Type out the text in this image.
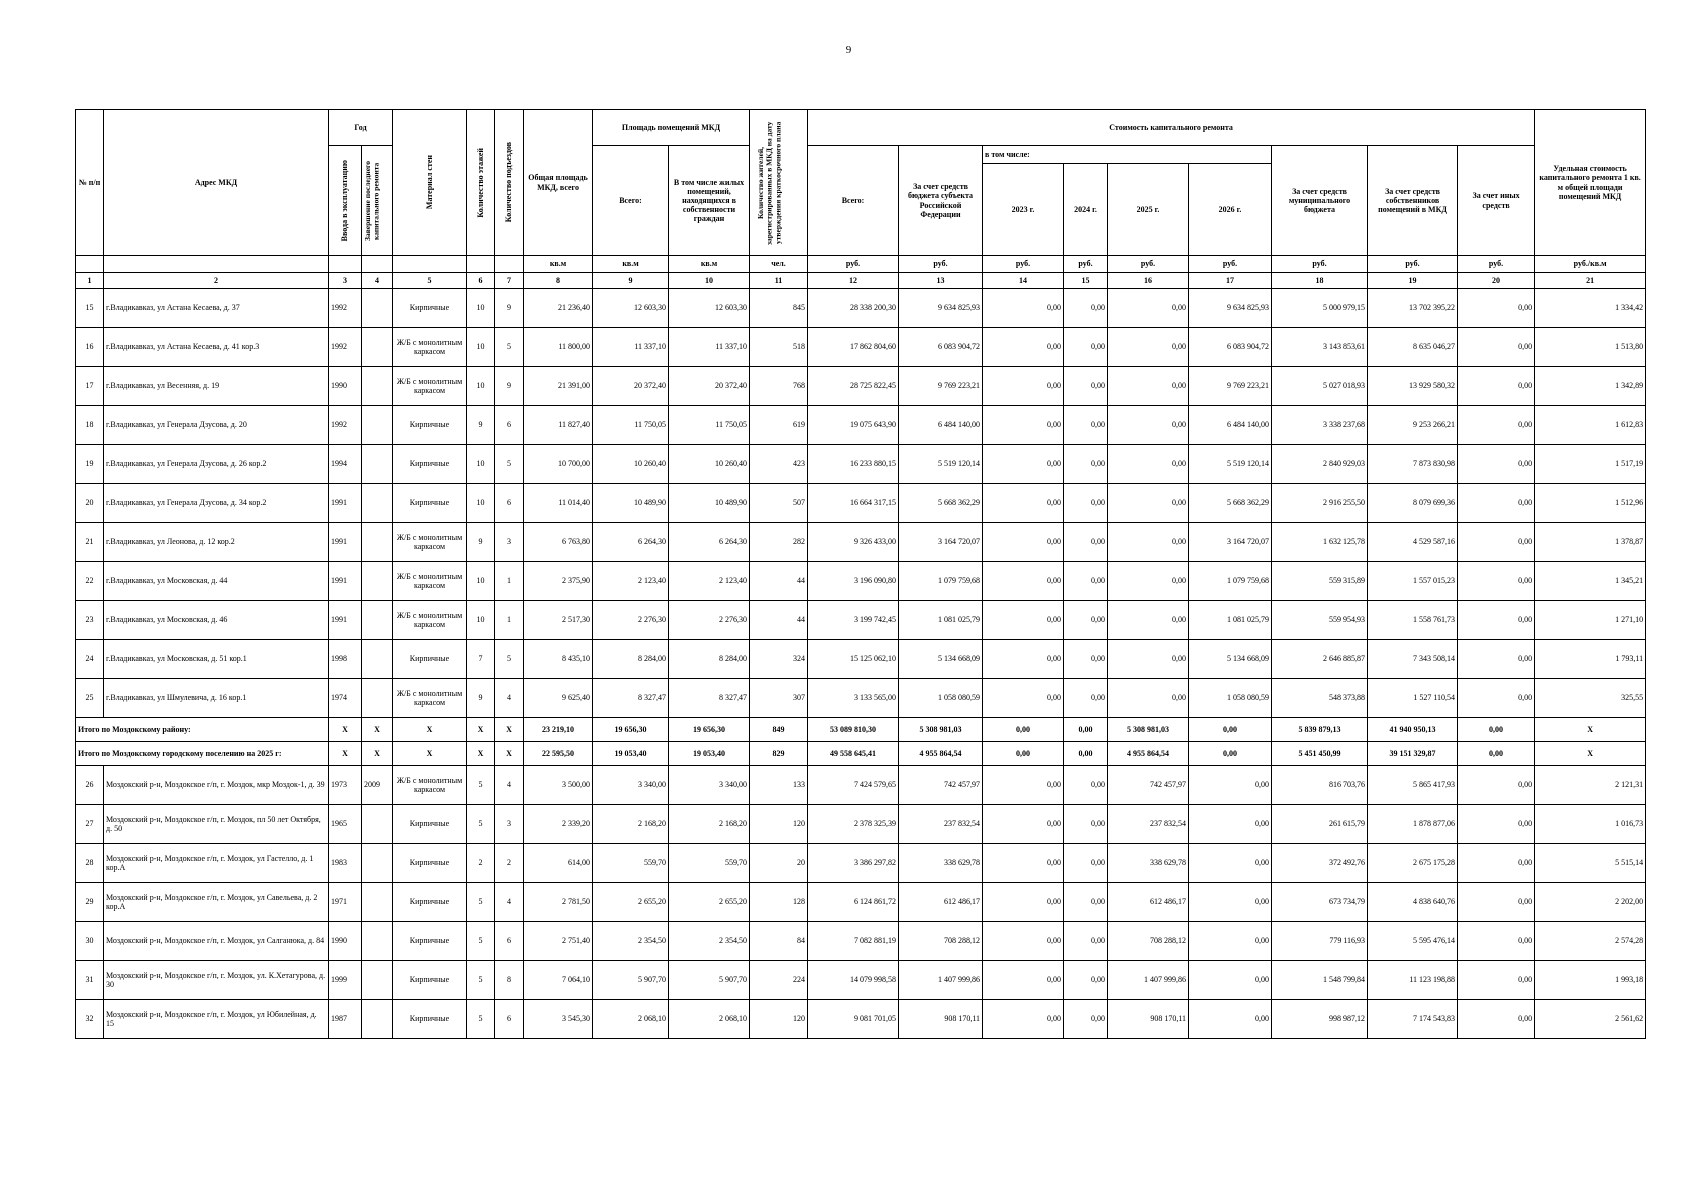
9
№ п/п	Адрес МКД	Год		Материал стен	Количество этажей	Количество подъездов	Общая площадь МКД, всего	Площадь помещений МКД		Количество жителей, зарегистрированных в МКД на дату утверждения краткосрочного плана	Стоимость капитального ремонта									Удельная стоимость капитального ремонта 1 кв. м общей площади помещений МКД

		Ввода в эксплуатацию	Завершение последнего капитального ремонта					Всего:	В том числе жилых помещений, находящихся в собственности граждан		Всего:	За счет средств бюджета субъекта Российской Федерации	в том числе:				За счет средств муниципального бюджета	За счет средств собственников помещений в МКД	За счет иных средств	
													2023 г.	2024 г.	2025 г.	2026 г.				
							кв.м	кв.м	кв.м	чел.	руб.	руб.	руб.	руб.	руб.	руб.	руб.	руб.	руб.	руб./кв.м
1	2	3	4	5	6	7	8	9	10	11	12	13	14	15	16	17	18	19	20	21
15	г.Владикавказ, ул Астана Кесаева, д. 37	1992		Кирпичные	10	9	21 236,40	12 603,30	12 603,30	845	28 338 200,30	9 634 825,93	0,00	0,00	0,00	9 634 825,93	5 000 979,15	13 702 395,22	0,00	1 334,42
16	г.Владикавказ, ул Астана Кесаева, д. 41 кор.3	1992		Ж/Б с монолитным каркасом	10	5	11 800,00	11 337,10	11 337,10	518	17 862 804,60	6 083 904,72	0,00	0,00	0,00	6 083 904,72	3 143 853,61	8 635 046,27	0,00	1 513,80
17	г.Владикавказ, ул Весенняя, д. 19	1990		Ж/Б с монолитным каркасом	10	9	21 391,00	20 372,40	20 372,40	768	28 725 822,45	9 769 223,21	0,00	0,00	0,00	9 769 223,21	5 027 018,93	13 929 580,32	0,00	1 342,89
18	г.Владикавказ, ул Генерала Дзусова, д. 20	1992		Кирпичные	9	6	11 827,40	11 750,05	11 750,05	619	19 075 643,90	6 484 140,00	0,00	0,00	0,00	6 484 140,00	3 338 237,68	9 253 266,21	0,00	1 612,83
19	г.Владикавказ, ул Генерала Дзусова, д. 26 кор.2	1994		Кирпичные	10	5	10 700,00	10 260,40	10 260,40	423	16 233 880,15	5 519 120,14	0,00	0,00	0,00	5 519 120,14	2 840 929,03	7 873 830,98	0,00	1 517,19
20	г.Владикавказ, ул Генерала Дзусова, д. 34 кор.2	1991		Кирпичные	10	6	11 014,40	10 489,90	10 489,90	507	16 664 317,15	5 668 362,29	0,00	0,00	0,00	5 668 362,29	2 916 255,50	8 079 699,36	0,00	1 512,96
21	г.Владикавказ, ул Леонова, д. 12 кор.2	1991		Ж/Б с монолитным каркасом	9	3	6 763,80	6 264,30	6 264,30	282	9 326 433,00	3 164 720,07	0,00	0,00	0,00	3 164 720,07	1 632 125,78	4 529 587,16	0,00	1 378,87
22	г.Владикавказ, ул Московская, д. 44	1991		Ж/Б с монолитным каркасом	10	1	2 375,90	2 123,40	2 123,40	44	3 196 090,80	1 079 759,68	0,00	0,00	0,00	1 079 759,68	559 315,89	1 557 015,23	0,00	1 345,21
23	г.Владикавказ, ул Московская, д. 46	1991		Ж/Б с монолитным каркасом	10	1	2 517,30	2 276,30	2 276,30	44	3 199 742,45	1 081 025,79	0,00	0,00	0,00	1 081 025,79	559 954,93	1 558 761,73	0,00	1 271,10
24	г.Владикавказ, ул Московская, д. 51 кор.1	1998		Кирпичные	7	5	8 435,10	8 284,00	8 284,00	324	15 125 062,10	5 134 668,09	0,00	0,00	0,00	5 134 668,09	2 646 885,87	7 343 508,14	0,00	1 793,11
25	г.Владикавказ, ул Шмулевича, д. 16 кор.1	1974		Ж/Б с монолитным каркасом	9	4	9 625,40	8 327,47	8 327,47	307	3 133 565,00	1 058 080,59	0,00	0,00	0,00	1 058 080,59	548 373,88	1 527 110,54	0,00	325,55
Итого по Моздокскому району:		X	X	X	X	X	23 219,10	19 656,30	19 656,30	849	53 089 810,30	5 308 981,03	0,00	0,00	5 308 981,03	0,00	5 839 879,13	41 940 950,13	0,00	X
Итого по Моздокскому городскому поселению на 2025 г:		X	X	X	X	X	22 595,50	19 053,40	19 053,40	829	49 558 645,41	4 955 864,54	0,00	0,00	4 955 864,54	0,00	5 451 450,99	39 151 329,87	0,00	X
26	Моздокский р-н, Моздокское г/п, г. Моздок, мкр Моздок-1, д. 39	1973	2009	Ж/Б с монолитным каркасом	5	4	3 500,00	3 340,00	3 340,00	133	7 424 579,65	742 457,97	0,00	0,00	742 457,97	0,00	816 703,76	5 865 417,93	0,00	2 121,31
27	Моздокский р-н, Моздокское г/п, г. Моздок, пл 50 лет Октября, д. 50	1965		Кирпичные	5	3	2 339,20	2 168,20	2 168,20	120	2 378 325,39	237 832,54	0,00	0,00	237 832,54	0,00	261 615,79	1 878 877,06	0,00	1 016,73
28	Моздокский р-н, Моздокское г/п, г. Моздок, ул Гастелло, д. 1 кор.А	1983		Кирпичные	2	2	614,00	559,70	559,70	20	3 386 297,82	338 629,78	0,00	0,00	338 629,78	0,00	372 492,76	2 675 175,28	0,00	5 515,14
29	Моздокский р-н, Моздокское г/п, г. Моздок, ул Савельева, д. 2 кор.А	1971		Кирпичные	5	4	2 781,50	2 655,20	2 655,20	128	6 124 861,72	612 486,17	0,00	0,00	612 486,17	0,00	673 734,79	4 838 640,76	0,00	2 202,00
30	Моздокский р-н, Моздокское г/п, г. Моздок, ул Салганюка, д. 84	1990		Кирпичные	5	6	2 751,40	2 354,50	2 354,50	84	7 082 881,19	708 288,12	0,00	0,00	708 288,12	0,00	779 116,93	5 595 476,14	0,00	2 574,28
31	Моздокский р-н, Моздокское г/п, г. Моздок, ул. К.Хетагурова, д. 30	1999		Кирпичные	5	8	7 064,10	5 907,70	5 907,70	224	14 079 998,58	1 407 999,86	0,00	0,00	1 407 999,86	0,00	1 548 799,84	11 123 198,88	0,00	1 993,18
32	Моздокский р-н, Моздокское г/п, г. Моздок, ул Юбилейная, д. 15	1987		Кирпичные	5	6	3 545,30	2 068,10	2 068,10	120	9 081 701,05	908 170,11	0,00	0,00	908 170,11	0,00	998 987,12	7 174 543,83	0,00	2 561,62
